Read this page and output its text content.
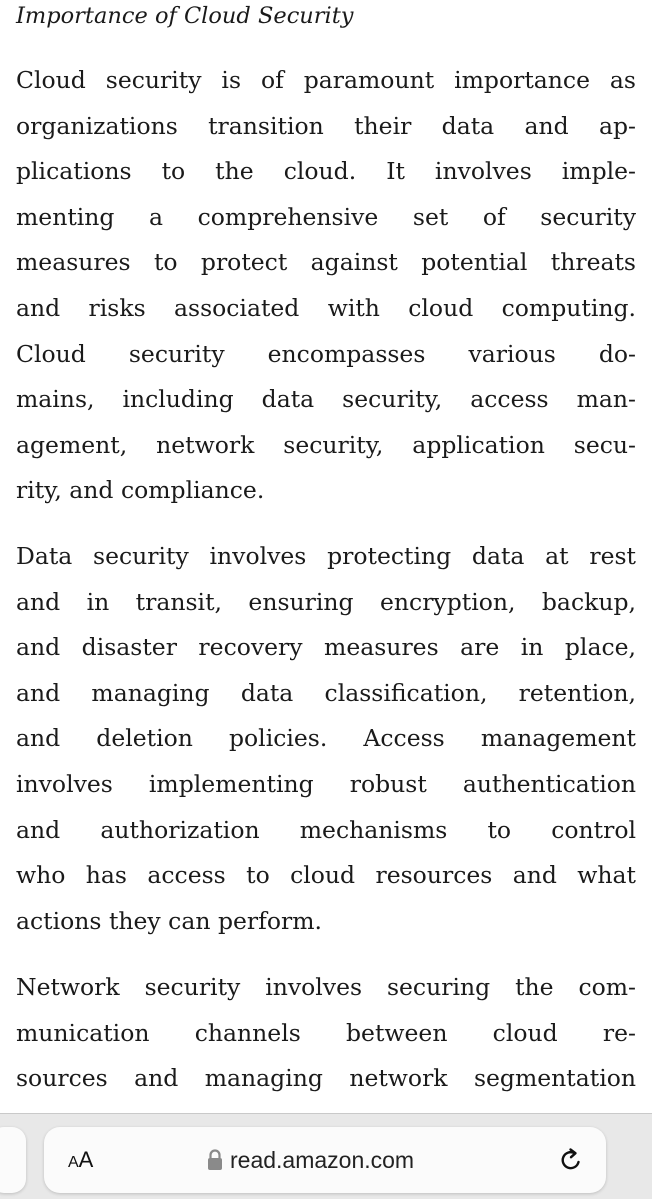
Importance of Cloud Security

Cloud security is of paramount importance as
organizations transition their data and ap-
plications to the cloud. It involves imple-
menting a comprehensive set of security
measures to protect against potential threats
and risks associated with cloud computing.
Cloud security encompasses various do-
mains, including data security, access man-
agement, network security, application secu-
rity, and compliance.

Data security involves protecting data at rest
and in transit, ensuring encryption, backup,
and disaster recovery measures are in place,
and managing data classification, retention,
and deletion policies. Access management
involves implementing robust authentication
and authorization mechanisms to control
who has access to cloud resources and what
actions they can perform.

Network security involves securing the com-
munication channels between cloud re-
sources and managing network segmentation

AA	read.amazon.com
